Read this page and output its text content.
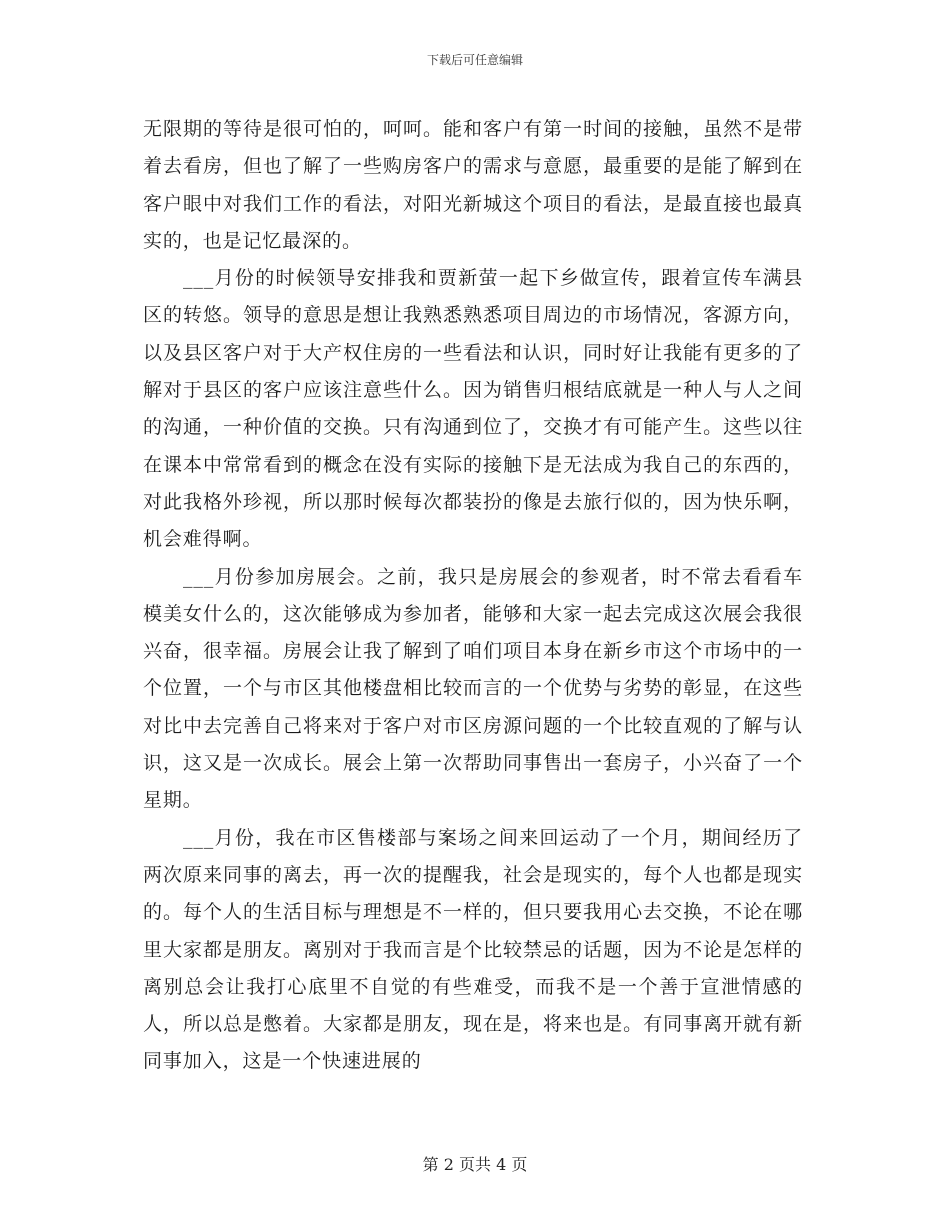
下载后可任意编辑

无限期的等待是很可怕的，呵呵。能和客户有第一时间的接触，虽然不是带着去看房，但也了解了一些购房客户的需求与意愿，最重要的是能了解到在客户眼中对我们工作的看法，对阳光新城这个项目的看法，是最直接也最真实的，也是记忆最深的。

___月份的时候领导安排我和贾新萤一起下乡做宣传，跟着宣传车满县区的转悠。领导的意思是想让我熟悉熟悉项目周边的市场情况，客源方向，以及县区客户对于大产权住房的一些看法和认识，同时好让我能有更多的了解对于县区的客户应该注意些什么。因为销售归根结底就是一种人与人之间的沟通，一种价值的交换。只有沟通到位了，交换才有可能产生。这些以往在课本中常常看到的概念在没有实际的接触下是无法成为我自己的东西的，对此我格外珍视，所以那时候每次都装扮的像是去旅行似的，因为快乐啊，机会难得啊。

___月份参加房展会。之前，我只是房展会的参观者，时不常去看看车模美女什么的，这次能够成为参加者，能够和大家一起去完成这次展会我很兴奋，很幸福。房展会让我了解到了咱们项目本身在新乡市这个市场中的一个位置，一个与市区其他楼盘相比较而言的一个优势与劣势的彰显，在这些对比中去完善自己将来对于客户对市区房源问题的一个比较直观的了解与认识，这又是一次成长。展会上第一次帮助同事售出一套房子，小兴奋了一个星期。

___月份，我在市区售楼部与案场之间来回运动了一个月，期间经历了两次原来同事的离去，再一次的提醒我，社会是现实的，每个人也都是现实的。每个人的生活目标与理想是不一样的，但只要我用心去交换，不论在哪里大家都是朋友。离别对于我而言是个比较禁忌的话题，因为不论是怎样的离别总会让我打心底里不自觉的有些难受，而我不是一个善于宣泄情感的人，所以总是憋着。大家都是朋友，现在是，将来也是。有同事离开就有新同事加入，这是一个快速进展的

第 2 页共 4 页
